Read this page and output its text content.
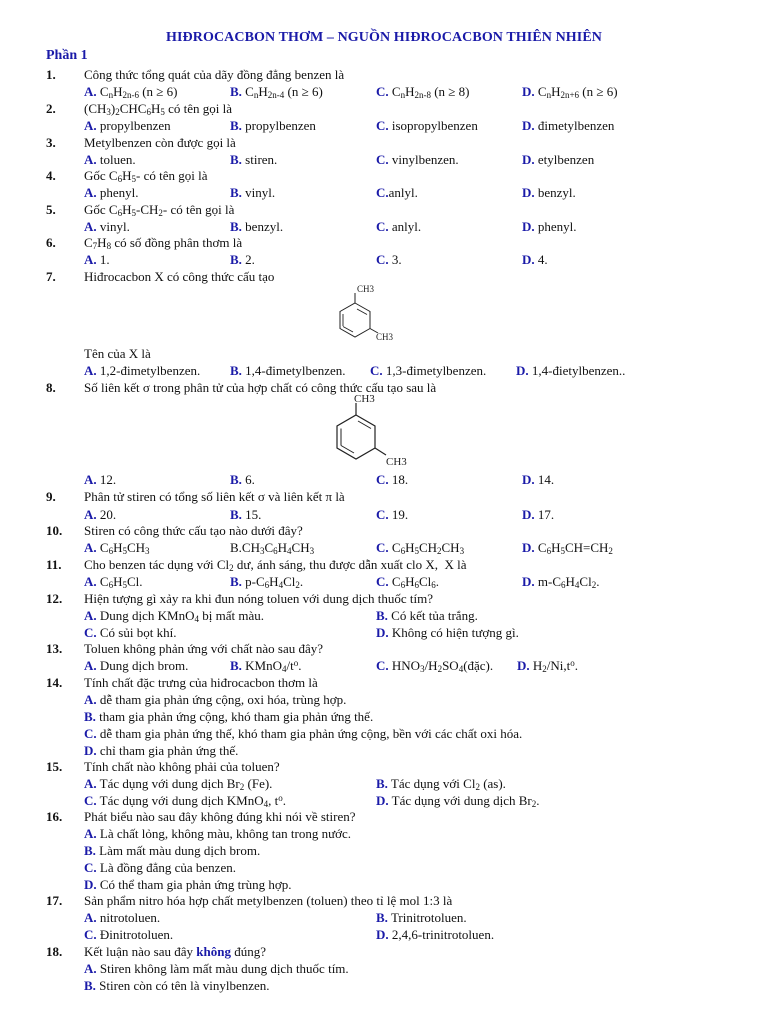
HIĐROCACBON THƠM – NGUỒN HIĐROCACBON THIÊN NHIÊN
Phần 1
1. Công thức tổng quát của dãy đồng đẳng benzen là
A. $C_nH_{2n-6}$ (n ≥ 6)	B. $C_nH_{2n-4}$ (n ≥ 6)	C. $C_nH_{2n-8}$ (n ≥ 8)	D. $C_nH_{2n+6}$ (n ≥ 6)
2. $(CH_3)_2CHC_6H_5$ có tên gọi là
A. propylbenzen	B. propylbenzen	C. isopropylbenzen	D. đimetylbenzen
3. Metylbenzen còn được gọi là
A. toluen.	B. stiren.	C. vinylbenzen.	D. etylbenzen
4. Gốc $C_6H_5-$ có tên gọi là
A. phenyl.	B. vinyl.	C.anlyl.	D. benzyl.
5. Gốc $C_6H_5-CH_2-$ có tên gọi là
A. vinyl.	B. benzyl.	C. anlyl.	D. phenyl.
6. $C_7H_8$ có số đồng phân thơm là
A. 1.	B. 2.	C. 3.	D. 4.
7. Hiđrocacbon X có công thức cấu tạo
CH3
CH3
Tên của X là
A. 1,2-đimetylbenzen. B. 1,4-đimetylbenzen. C. 1,3-đimetylbenzen. D. 1,4-đietylbenzen..
8. Số liên kết σ trong phân tử của hợp chất có công thức cấu tạo sau là
CH3
CH3
A. 12.	B. 6.	C. 18.	D. 14.
9. Phân tử stiren có tổng số liên kết σ và liên kết π là
A. 20.	B. 15.	C. 19.	D. 17.
10. Stiren có công thức cấu tạo nào dưới đây?
A. $C_6H_5CH_3$	$B.CH_3C_6H_4CH_3$	C. $C_6H_5CH_2CH_3$	D. $C_6H_5CH=CH_2$
11. Cho benzen tác dụng với $Cl_2$ dư, ánh sáng, thu được dẫn xuất clo X,  X là
A. $C_6H_5Cl$.	B. $p-C_6H_4Cl_2$.	C. $C_6H_6Cl_6$.	D. $m-C_6H_4Cl_2$.
12. Hiện tượng gì xảy ra khi đun nóng toluen với dung dịch thuốc tím?
A. Dung dịch KMnO$_4$ bị mất màu.	B. Có kết tủa trắng.
C. Có sủi bọt khí.	D. Không có hiện tượng gì.
13. Toluen không phản ứng với chất nào sau đây?
A. Dung dịch brom.	B. $KMnO_4/t^o$.	C. $HNO_3/H_2SO_4(đặc)$. D. $H_2/Ni,t^o$.
14. Tính chất đặc trưng của hiđrocacbon thơm là
A. dễ tham gia phản ứng cộng, oxi hóa, trùng hợp.
B. tham gia phản ứng cộng, khó tham gia phản ứng thế.
C. dễ tham gia phản ứng thế, khó tham gia phản ứng cộng, bền với các chất oxi hóa.
D. chỉ tham gia phản ứng thế.
15. Tính chất nào không phải của toluen?
A. Tác dụng với dung dịch $Br_2$ (Fe).	B. Tác dụng với $Cl_2$ (as).
C. Tác dụng với dung dịch KMnO$_4$, $t^o$.	D. Tác dụng với dung dịch $Br_2$.
16. Phát biểu nào sau đây không đúng khi nói về stiren?
A. Là chất lỏng, không màu, không tan trong nước.
B. Làm mất màu dung dịch brom.
C. Là đồng đẳng của benzen.
D. Có thể tham gia phản ứng trùng hợp.
17. Sản phẩm nitro hóa hợp chất metylbenzen (toluen) theo tỉ lệ mol 1:3 là
A. nitrotoluen.	B. Trinitrotoluen.
C. Đinitrotoluen.	D. 2,4,6-trinitrotoluen.
18. Kết luận nào sau đây không đúng?
A. Stiren không làm mất màu dung dịch thuốc tím.
B. Stiren còn có tên là vinylbenzen.
